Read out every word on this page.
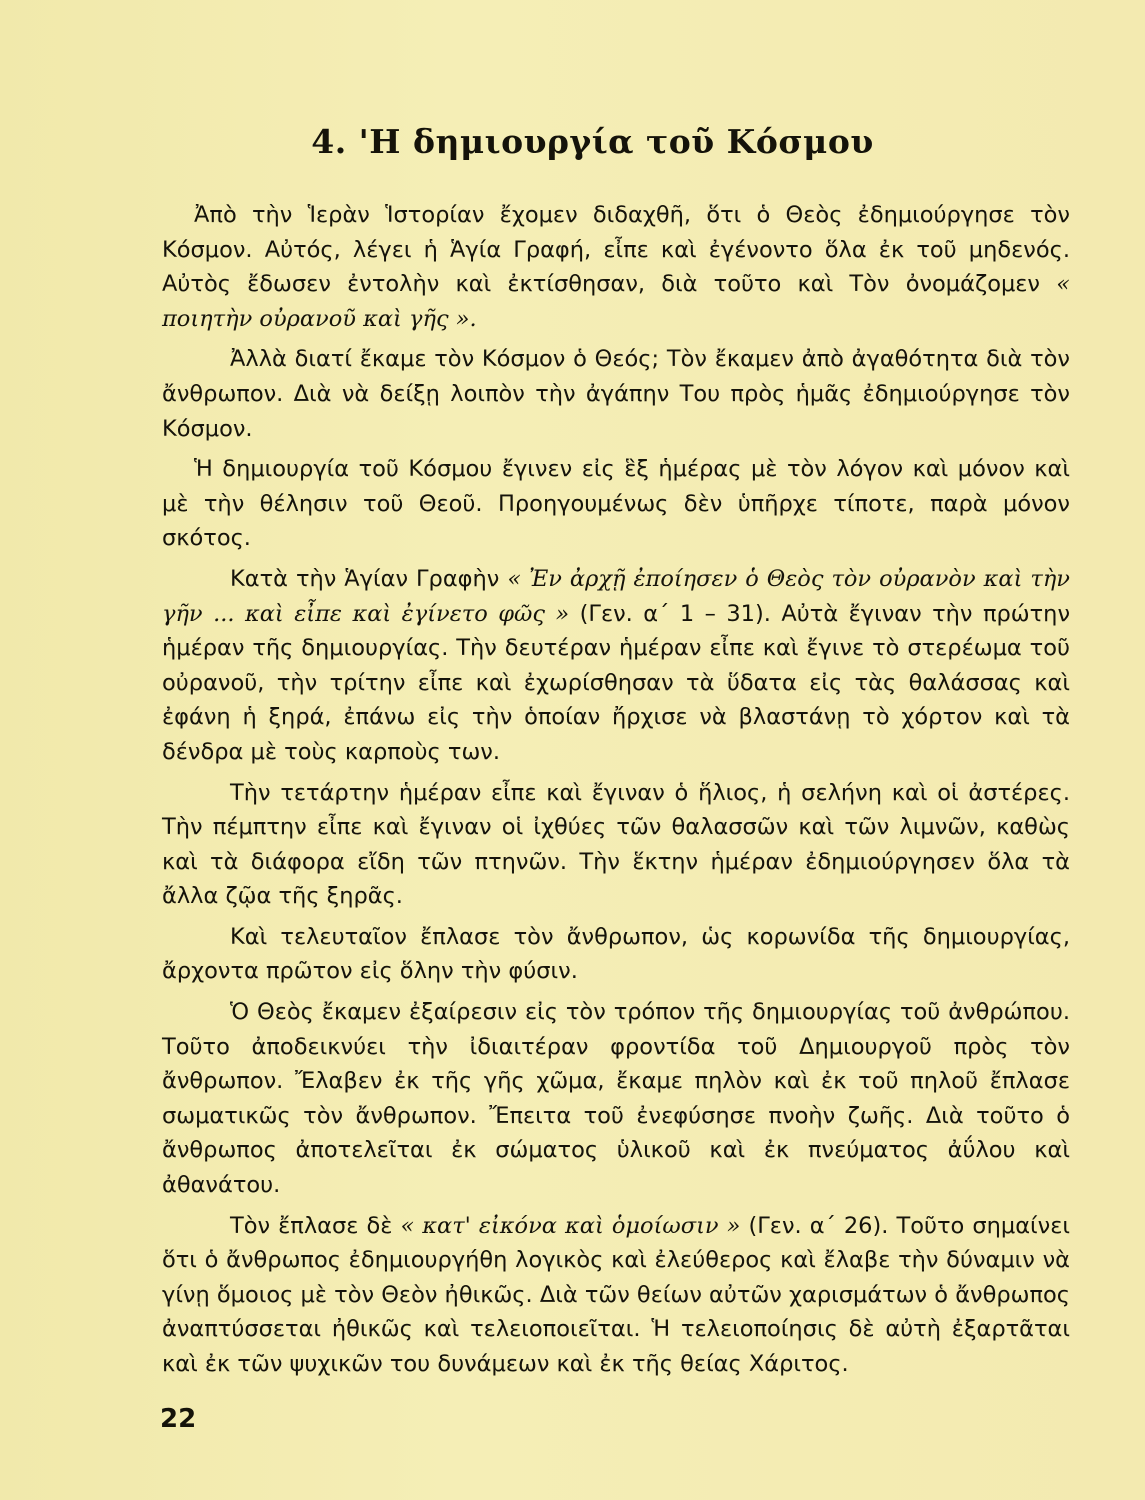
4. 'Η δημιουργία τοῦ Κόσμου

Ἀπὸ τὴν Ἱερὰν Ἱστορίαν ἔχομεν διδαχθῆ, ὅτι ὁ Θεὸς ἐδημιούργησε τὸν Κόσμον. Αὐτός, λέγει ἡ Ἁγία Γραφή, εἶπε καὶ ἐγένοντο ὅλα ἐκ τοῦ μηδενός. Αὐτὸς ἔδωσεν ἐντολὴν καὶ ἐκτίσθησαν, διὰ τοῦτο καὶ Τὸν ὀνομάζομεν « ποιητὴν οὐρανοῦ καὶ γῆς ».

Ἀλλὰ διατί ἔκαμε τὸν Κόσμον ὁ Θεός; Τὸν ἔκαμεν ἀπὸ ἀγαθότητα διὰ τὸν ἄνθρωπον. Διὰ νὰ δείξῃ λοιπὸν τὴν ἀγάπην Του πρὸς ἡμᾶς ἐδημιούργησε τὸν Κόσμον.

Ἡ δημιουργία τοῦ Κόσμου ἔγινεν εἰς ἓξ ἡμέρας μὲ τὸν λόγον καὶ μόνον καὶ μὲ τὴν θέλησιν τοῦ Θεοῦ. Προηγουμένως δὲν ὑπῆρχε τίποτε, παρὰ μόνον σκότος.

Κατὰ τὴν Ἁγίαν Γραφὴν « Ἐν ἀρχῇ ἐποίησεν ὁ Θεὸς τὸν οὐρανὸν καὶ τὴν γῆν ... καὶ εἶπε καὶ ἐγίνετο φῶς » (Γεν. α΄ 1 – 31). Αὐτὰ ἔγιναν τὴν πρώτην ἡμέραν τῆς δημιουργίας. Τὴν δευτέραν ἡμέραν εἶπε καὶ ἔγινε τὸ στερέωμα τοῦ οὐρανοῦ, τὴν τρίτην εἶπε καὶ ἐχωρίσθησαν τὰ ὕδατα εἰς τὰς θαλάσσας καὶ ἐφάνη ἡ ξηρά, ἐπάνω εἰς τὴν ὁποίαν ἤρχισε νὰ βλαστάνῃ τὸ χόρτον καὶ τὰ δένδρα μὲ τοὺς καρποὺς των.

Τὴν τετάρτην ἡμέραν εἶπε καὶ ἔγιναν ὁ ἥλιος, ἡ σελήνη καὶ οἱ ἀστέρες. Τὴν πέμπτην εἶπε καὶ ἔγιναν οἱ ἰχθύες τῶν θαλασσῶν καὶ τῶν λιμνῶν, καθὼς καὶ τὰ διάφορα εἴδη τῶν πτηνῶν. Τὴν ἕκτην ἡμέραν ἐδημιούργησεν ὅλα τὰ ἄλλα ζῷα τῆς ξηρᾶς.

Καὶ τελευταῖον ἔπλασε τὸν ἄνθρωπον, ὡς κορωνίδα τῆς δημιουργίας, ἄρχοντα πρῶτον εἰς ὅλην τὴν φύσιν.

Ὁ Θεὸς ἔκαμεν ἐξαίρεσιν εἰς τὸν τρόπον τῆς δημιουργίας τοῦ ἀνθρώπου. Τοῦτο ἀποδεικνύει τὴν ἰδιαιτέραν φροντίδα τοῦ Δημιουργοῦ πρὸς τὸν ἄνθρωπον. Ἔλαβεν ἐκ τῆς γῆς χῶμα, ἔκαμε πηλὸν καὶ ἐκ τοῦ πηλοῦ ἔπλασε σωματικῶς τὸν ἄνθρωπον. Ἔπειτα τοῦ ἐνεφύσησε πνοὴν ζωῆς. Διὰ τοῦτο ὁ ἄνθρωπος ἀποτελεῖται ἐκ σώματος ὑλικοῦ καὶ ἐκ πνεύματος ἀΰλου καὶ ἀθανάτου.

Τὸν ἔπλασε δὲ « κατ' εἰκόνα καὶ ὁμοίωσιν » (Γεν. α΄ 26). Τοῦτο σημαίνει ὅτι ὁ ἄνθρωπος ἐδημιουργήθη λογικὸς καὶ ἐλεύθερος καὶ ἔλαβε τὴν δύναμιν νὰ γίνῃ ὅμοιος μὲ τὸν Θεὸν ἠθικῶς. Διὰ τῶν θείων αὐτῶν χαρισμάτων ὁ ἄνθρωπος ἀναπτύσσεται ἠθικῶς καὶ τελειοποιεῖται. Ἡ τελειοποίησις δὲ αὐτὴ ἐξαρτᾶται καὶ ἐκ τῶν ψυχικῶν του δυνάμεων καὶ ἐκ τῆς θείας Χάριτος.

22
